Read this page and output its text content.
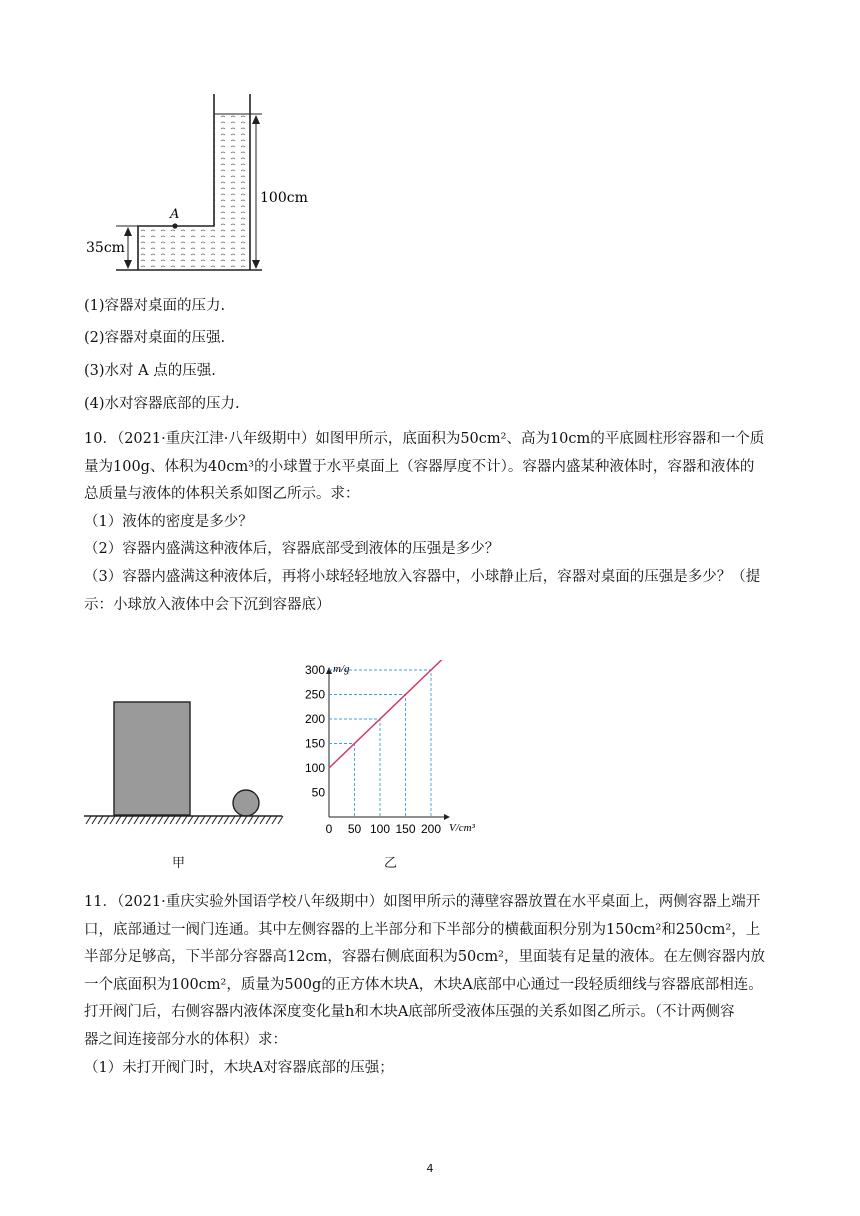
A
100cm
35cm
(1)容器对桌面的压力.
(2)容器对桌面的压强.
(3)水对 A 点的压强.
(4)水对容器底部的压力.
10．（2021·重庆江津·八年级期中）如图甲所示，底面积为50cm²、高为10cm的平底圆柱形容器和一个质
量为100g、体积为40cm³的小球置于水平桌面上（容器厚度不计）。容器内盛某种液体时，容器和液体的
总质量与液体的体积关系如图乙所示。求：
（1）液体的密度是多少？
（2）容器内盛满这种液体后，容器底部受到液体的压强是多少？
（3）容器内盛满这种液体后，再将小球轻轻地放入容器中，小球静止后，容器对桌面的压强是多少？（提
示：小球放入液体中会下沉到容器底）
甲
0 50 100 150 200
50
100
150
200
250
300
V/cm³
m/g
乙
11．（2021·重庆实验外国语学校八年级期中）如图甲所示的薄壁容器放置在水平桌面上，两侧容器上端开
口，底部通过一阀门连通。其中左侧容器的上半部分和下半部分的横截面积分别为150cm²和250cm²，上
半部分足够高，下半部分容器高12cm，容器右侧底面积为50cm²，里面装有足量的液体。在左侧容器内放
一个底面积为100cm²，质量为500g的正方体木块A，木块A底部中心通过一段轻质细线与容器底部相连。
打开阀门后，右侧容器内液体深度变化量h和木块A底部所受液体压强的关系如图乙所示。（不计两侧容
器之间连接部分水的体积）求：
（1）未打开阀门时，木块A对容器底部的压强；
4
